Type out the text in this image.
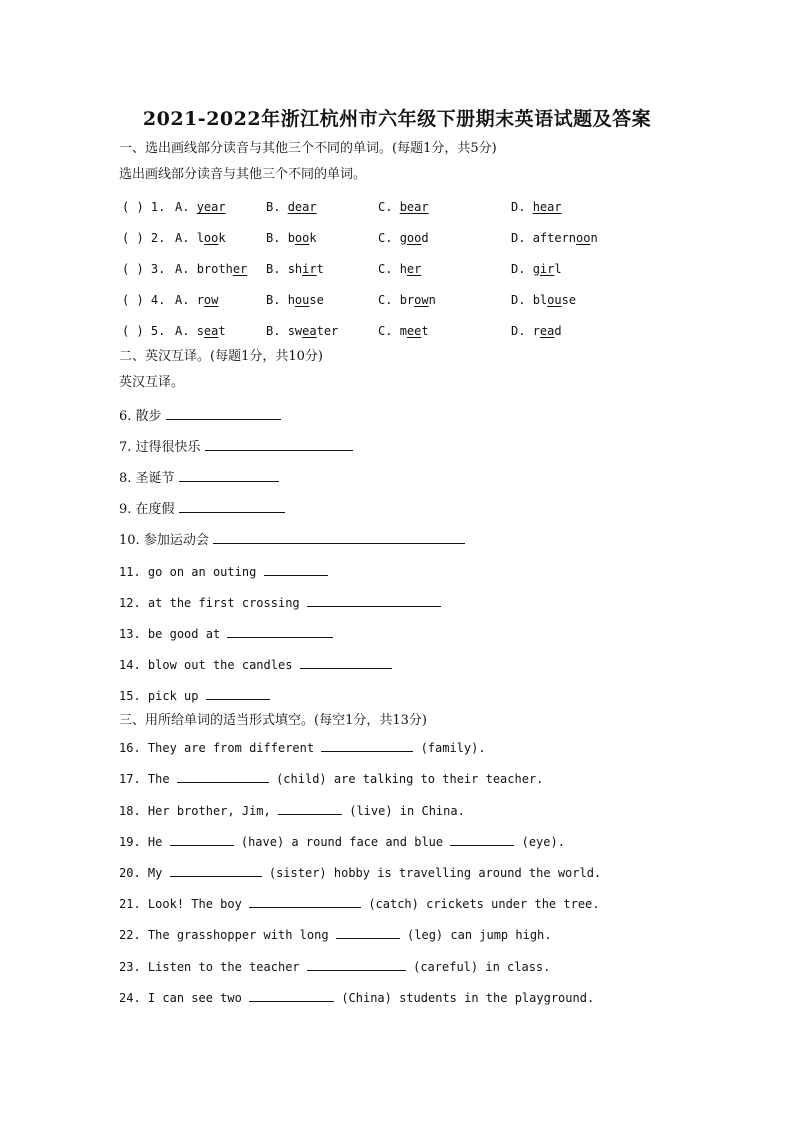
2021-2022年浙江杭州市六年级下册期末英语试题及答案
一、选出画线部分读音与其他三个不同的单词。(每题1分，共5分)
选出画线部分读音与其他三个不同的单词。
( ) 1. A. year	B. dear	C. bear	D. hear
( ) 2. A. look	B. book	C. good	D. afternoon
( ) 3. A. brother B. shirt	C. her	D. girl
( ) 4. A. row	B. house	C. brown	D. blouse
( ) 5. A. seat	B. sweater	C. meet	D. read
二、英汉互译。(每题1分，共10分)
英汉互译。
6. 散步
7. 过得很快乐
8. 圣诞节
9. 在度假
10. 参加运动会
11. go on an outing
12. at the first crossing
13. be good at
14. blow out the candles
15. pick up
三、用所给单词的适当形式填空。(每空1分，共13分)
16. They are from different	(family).
17. The	(child) are talking to their teacher.
18. Her brother, Jim,	(live) in China.
19. He	(have) a round face and blue	(eye).
20. My	(sister) hobby is travelling around the world.
21. Look! The boy	(catch) crickets under the tree.
22. The grasshopper with long	(leg) can jump high.
23. Listen to the teacher	(careful) in class.
24. I can see two	(China) students in the playground.
